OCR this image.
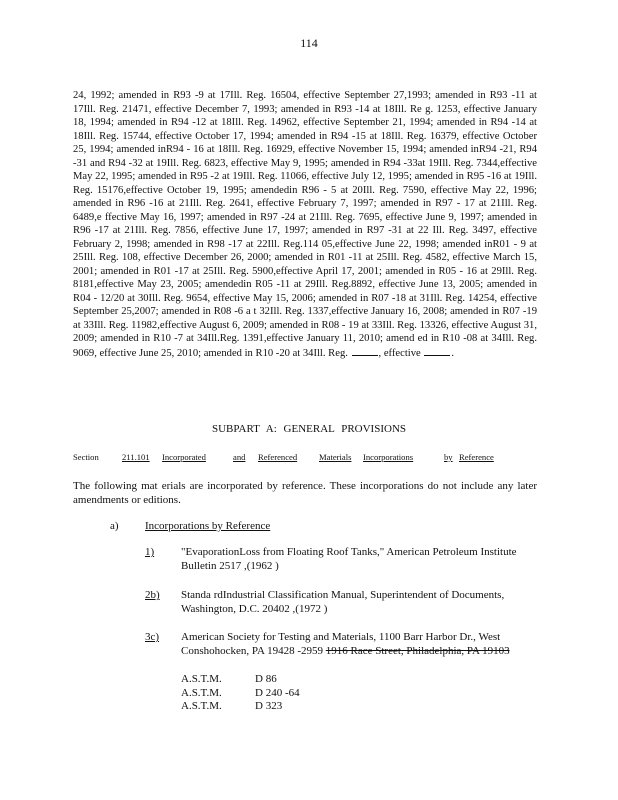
114
24, 1992; amended in R93 -9 at 17Ill. Reg. 16504, effective September 27,1993; amended in R93 -11 at 17Ill. Reg. 21471, effective December 7, 1993; amended in R93 -14 at 18Ill. Re g. 1253, effective January 18, 1994; amended in R94 -12 at 18Ill. Reg. 14962, effective September 21, 1994; amended in R94 -14 at 18Ill. Reg. 15744, effective October 17, 1994; amended in R94 -15 at 18Ill. Reg. 16379, effective October 25, 1994; amended inR94 - 16 at 18Ill. Reg. 16929, effective November 15, 1994; amended inR94 -21, R94 -31 and R94 -32 at 19Ill. Reg. 6823, effective May 9, 1995; amended in R94 -33at 19Ill. Reg. 7344,effective May 22, 1995; amended in R95 -2 at 19Ill. Reg. 11066, effective July 12, 1995; amended in R95 -16 at 19Ill. Reg. 15176,effective October 19, 1995; amendedin R96 - 5 at 20Ill. Reg. 7590, effective May 22, 1996; amended in R96 -16 at 21Ill. Reg. 2641, effective February 7, 1997; amended in R97 - 17 at 21Ill. Reg. 6489,e ffective May 16, 1997; amended in R97 -24 at 21Ill. Reg. 7695, effective June 9, 1997; amended in R96 -17 at 21Ill. Reg. 7856, effective June 17, 1997; amended in R97 -31 at 22 Ill. Reg. 3497, effective February 2, 1998; amended in R98 -17 at 22Ill. Reg.114 05,effective June 22, 1998; amended inR01 - 9 at 25Ill. Reg. 108, effective December 26, 2000; amended in R01 -11 at 25Ill. Reg. 4582, effective March 15, 2001; amended in R01 -17 at 25Ill. Reg. 5900,effective April 17, 2001; amended in R05 - 16 at 29Ill. Reg. 8181,effective May 23, 2005; amendedin R05 -11 at 29Ill. Reg.8892, effective June 13, 2005; amended in R04 - 12/20 at 30Ill. Reg. 9654, effective May 15, 2006; amended in R07 -18 at 31Ill. Reg. 14254, effective September 25,2007; amended in R08 -6 a t 32Ill. Reg. 1337,effective January 16, 2008; amended in R07 -19 at 33Ill. Reg. 11982,effective August 6, 2009; amended in R08 - 19 at 33Ill. Reg. 13326, effective August 31, 2009; amended in R10 -7 at 34Ill.Reg. 1391,effective January 11, 2010; amend ed in R10 -08 at 34Ill. Reg. 9069, effective June 25, 2010; amended in R10 -20 at 34Ill. Reg.	, effective	.
SUBPART A: GENERAL PROVISIONS
Section	211.101 Incorporated	and Referenced	Materials Incorporations	by Reference
The following mat erials are incorporated by reference. These incorporations do not include any later amendments or editions.
a) Incorporations by Reference
1) "EvaporationLoss from Floating Roof Tanks," American Petroleum Institute Bulletin 2517 ,(1962 )
2b) Standa rdIndustrial Classification Manual, Superintendent of Documents, Washington, D.C. 20402 ,(1972 )
3c) American Society for Testing and Materials, 1100 Barr Harbor Dr., West Conshohocken, PA 19428 -2959 1916 Race Street, Philadelphia, PA 19103
A.S.T.M.	D 86
A.S.T.M.	D 240 -64
A.S.T.M.	D 323
